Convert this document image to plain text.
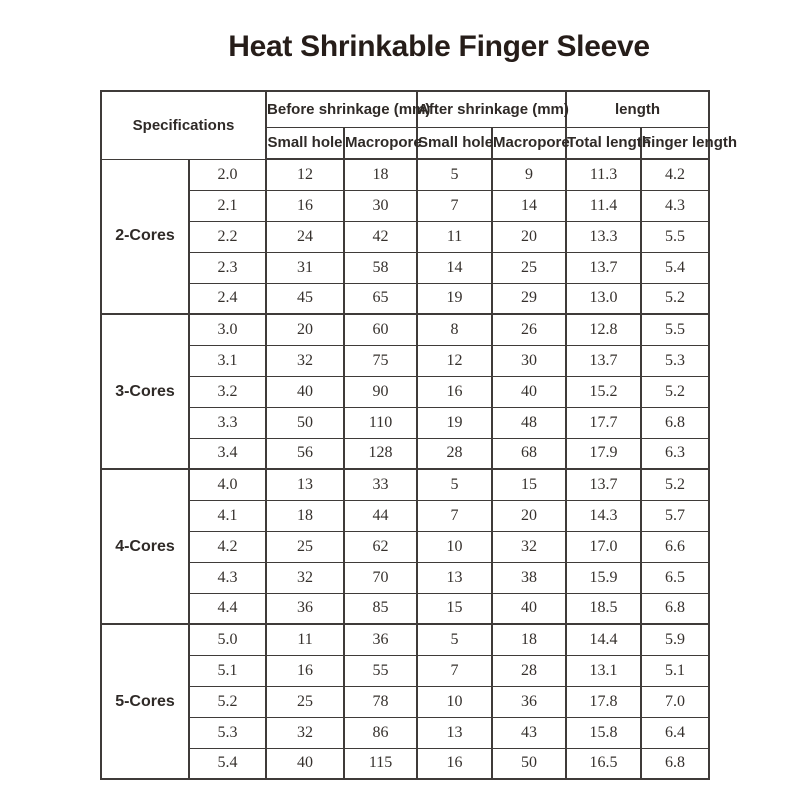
Heat Shrinkable Finger Sleeve
Specifications		Before shrinkage (mm)		After shrinkage (mm)		length	
		Small hole	Macropore	Small hole	Macropore	Total length	Finger length
2-Cores	2.0	12	18	5	9	11.3	4.2
	2.1	16	30	7	14	11.4	4.3
	2.2	24	42	11	20	13.3	5.5
	2.3	31	58	14	25	13.7	5.4
	2.4	45	65	19	29	13.0	5.2
3-Cores	3.0	20	60	8	26	12.8	5.5
	3.1	32	75	12	30	13.7	5.3
	3.2	40	90	16	40	15.2	5.2
	3.3	50	110	19	48	17.7	6.8
	3.4	56	128	28	68	17.9	6.3
4-Cores	4.0	13	33	5	15	13.7	5.2
	4.1	18	44	7	20	14.3	5.7
	4.2	25	62	10	32	17.0	6.6
	4.3	32	70	13	38	15.9	6.5
	4.4	36	85	15	40	18.5	6.8
5-Cores	5.0	11	36	5	18	14.4	5.9
	5.1	16	55	7	28	13.1	5.1
	5.2	25	78	10	36	17.8	7.0
	5.3	32	86	13	43	15.8	6.4
	5.4	40	115	16	50	16.5	6.8
